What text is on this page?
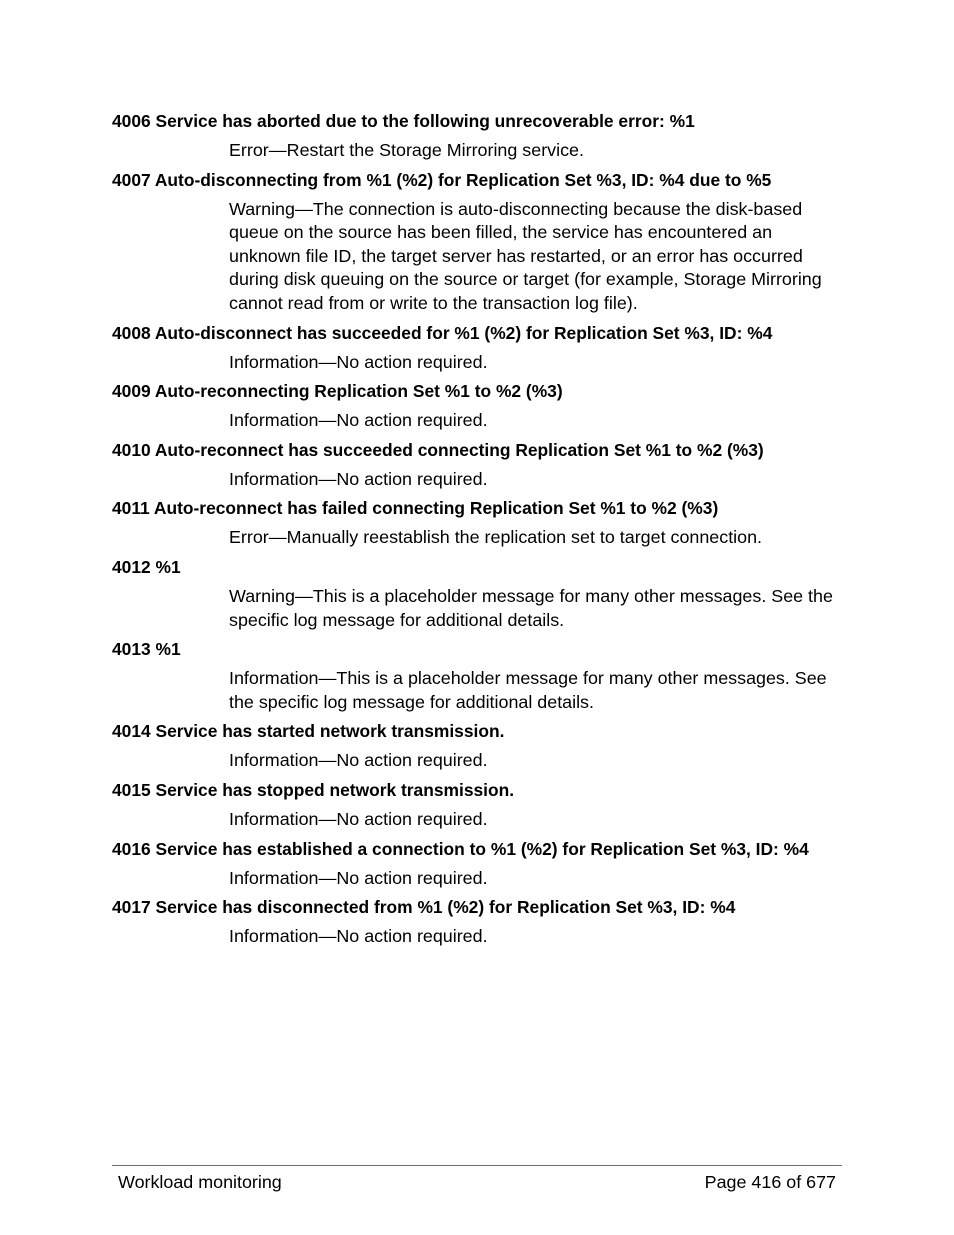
4006 Service has aborted due to the following unrecoverable error: %1

Error—Restart the Storage Mirroring service.

4007 Auto-disconnecting from %1 (%2) for Replication Set %3, ID: %4 due to %5

Warning—The connection is auto-disconnecting because the disk-based queue on the source has been filled, the service has encountered an unknown file ID, the target server has restarted, or an error has occurred during disk queuing on the source or target (for example, Storage Mirroring cannot read from or write to the transaction log file).

4008 Auto-disconnect has succeeded for %1 (%2) for Replication Set %3, ID: %4

Information—No action required.

4009 Auto-reconnecting Replication Set %1 to %2 (%3)

Information—No action required.

4010 Auto-reconnect has succeeded connecting Replication Set %1 to %2 (%3)

Information—No action required.

4011 Auto-reconnect has failed connecting Replication Set %1 to %2 (%3)

Error—Manually reestablish the replication set to target connection.

4012 %1

Warning—This is a placeholder message for many other messages. See the specific log message for additional details.

4013 %1

Information—This is a placeholder message for many other messages. See the specific log message for additional details.

4014 Service has started network transmission.

Information—No action required.

4015 Service has stopped network transmission.

Information—No action required.

4016 Service has established a connection to %1 (%2) for Replication Set %3, ID: %4

Information—No action required.

4017 Service has disconnected from %1 (%2) for Replication Set %3, ID: %4

Information—No action required.

Workload monitoring	Page 416 of 677
